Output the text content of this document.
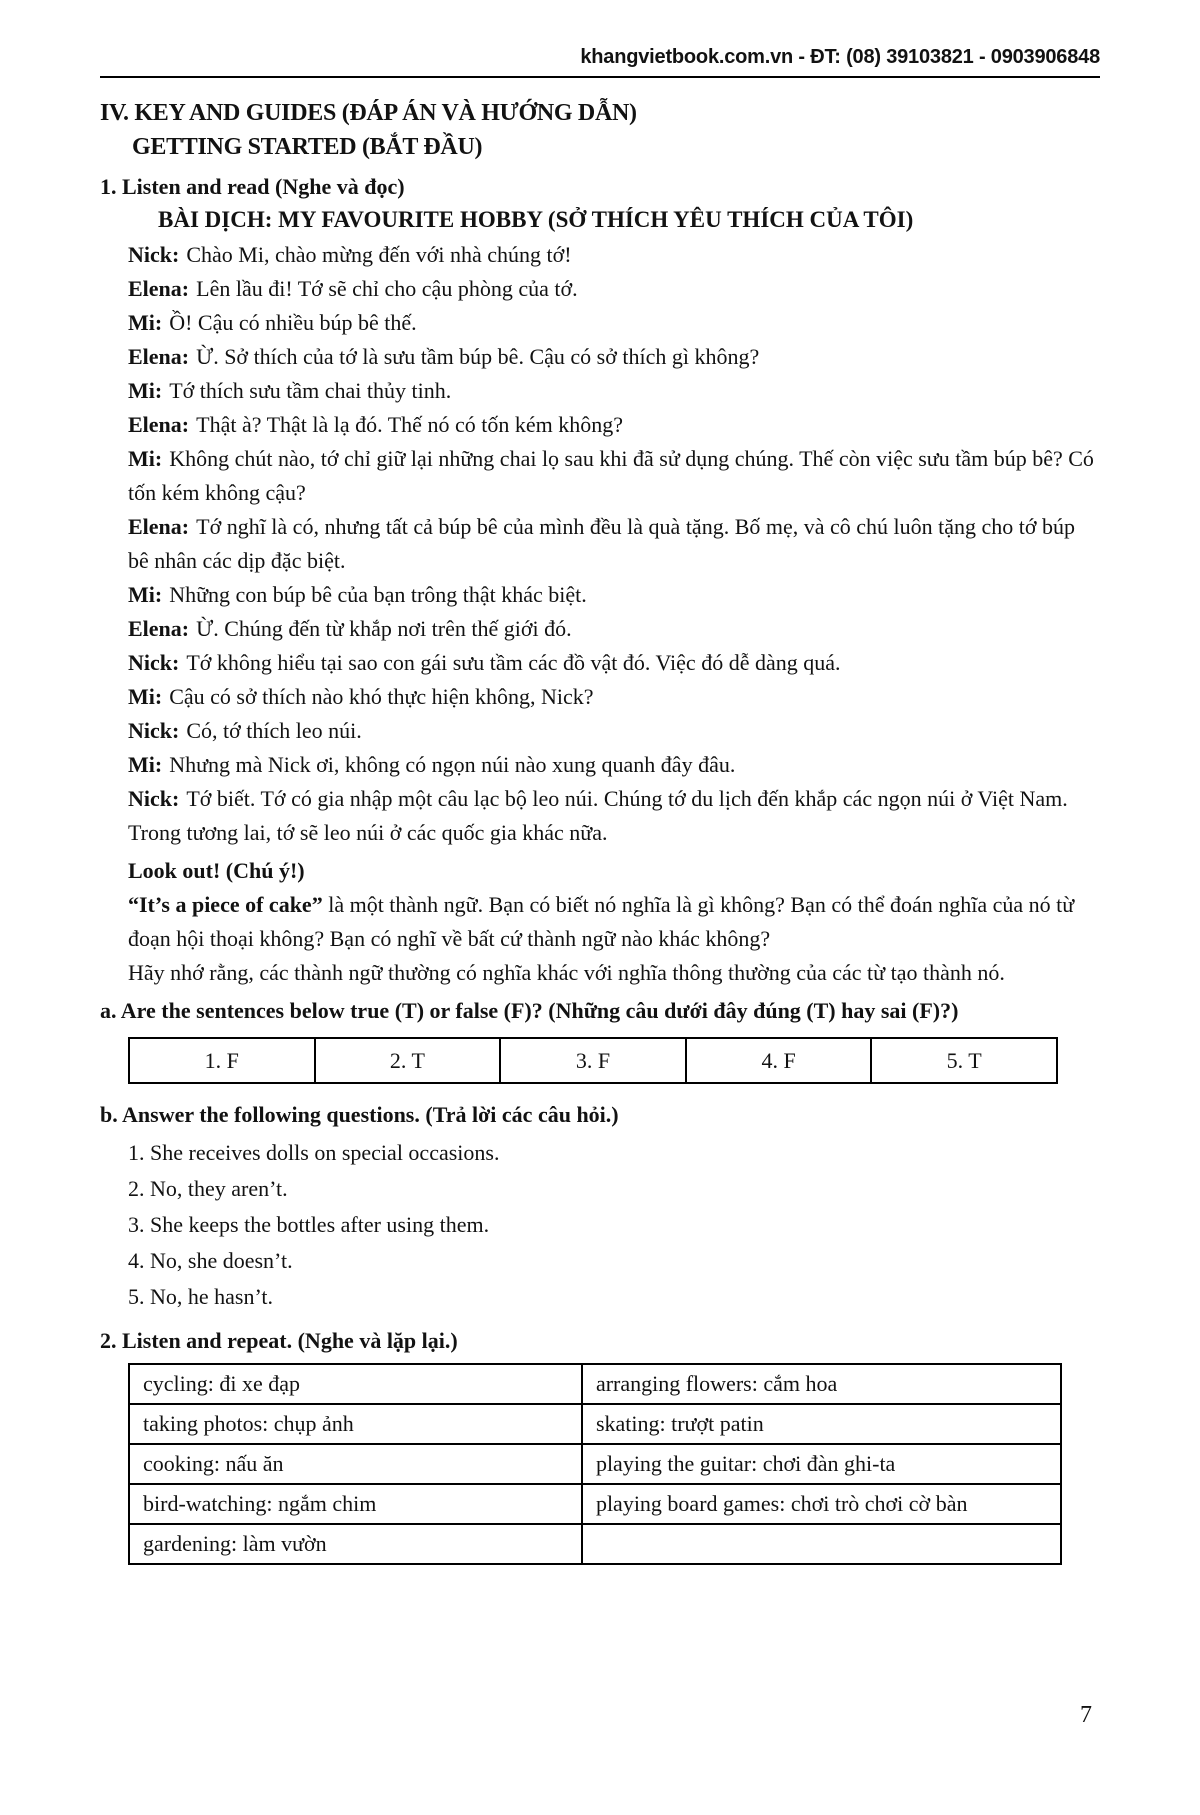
khangvietbook.com.vn - ĐT: (08) 39103821 - 0903906848
IV. KEY AND GUIDES (ĐÁP ÁN VÀ HƯỚNG DẪN)
GETTING STARTED (BẮT ĐẦU)
1. Listen and read (Nghe và đọc)
BÀI DỊCH: MY FAVOURITE HOBBY (SỞ THÍCH YÊU THÍCH CỦA TÔI)

Nick: Chào Mi, chào mừng đến với nhà chúng tớ!

Elena: Lên lầu đi! Tớ sẽ chỉ cho cậu phòng của tớ.

Mi: Ồ! Cậu có nhiều búp bê thế.

Elena: Ừ. Sở thích của tớ là sưu tầm búp bê. Cậu có sở thích gì không?

Mi: Tớ thích sưu tầm chai thủy tinh.

Elena: Thật à? Thật là lạ đó. Thế nó có tốn kém không?

Mi: Không chút nào, tớ chỉ giữ lại những chai lọ sau khi đã sử dụng chúng. Thế còn việc sưu tầm búp bê? Có tốn kém không cậu?

Elena: Tớ nghĩ là có, nhưng tất cả búp bê của mình đều là quà tặng. Bố mẹ, và cô chú luôn tặng cho tớ búp bê nhân các dịp đặc biệt.

Mi: Những con búp bê của bạn trông thật khác biệt.

Elena: Ừ. Chúng đến từ khắp nơi trên thế giới đó.

Nick: Tớ không hiểu tại sao con gái sưu tầm các đồ vật đó. Việc đó dễ dàng quá.

Mi: Cậu có sở thích nào khó thực hiện không, Nick?

Nick: Có, tớ thích leo núi.

Mi: Nhưng mà Nick ơi, không có ngọn núi nào xung quanh đây đâu.

Nick: Tớ biết. Tớ có gia nhập một câu lạc bộ leo núi. Chúng tớ du lịch đến khắp các ngọn núi ở Việt Nam. Trong tương lai, tớ sẽ leo núi ở các quốc gia khác nữa.

Look out! (Chú ý!)

“It’s a piece of cake” là một thành ngữ. Bạn có biết nó nghĩa là gì không? Bạn có thể đoán nghĩa của nó từ đoạn hội thoại không? Bạn có nghĩ về bất cứ thành ngữ nào khác không?

Hãy nhớ rằng, các thành ngữ thường có nghĩa khác với nghĩa thông thường của các từ tạo thành nó.

a. Are the sentences below true (T) or false (F)? (Những câu dưới đây đúng (T) hay sai (F)?)
1. F	2. T	3. F	4. F	5. T
b. Answer the following questions. (Trả lời các câu hỏi.)

1. She receives dolls on special occasions.

2. No, they aren’t.

3. She keeps the bottles after using them.

4. No, she doesn’t.

5. No, he hasn’t.

2. Listen and repeat. (Nghe và lặp lại.)
cycling: đi xe đạp	arranging flowers: cắm hoa
taking photos: chụp ảnh	skating: trượt patin
cooking: nấu ăn	playing the guitar: chơi đàn ghi-ta
bird-watching: ngắm chim	playing board games: chơi trò chơi cờ bàn
gardening: làm vườn	
7
